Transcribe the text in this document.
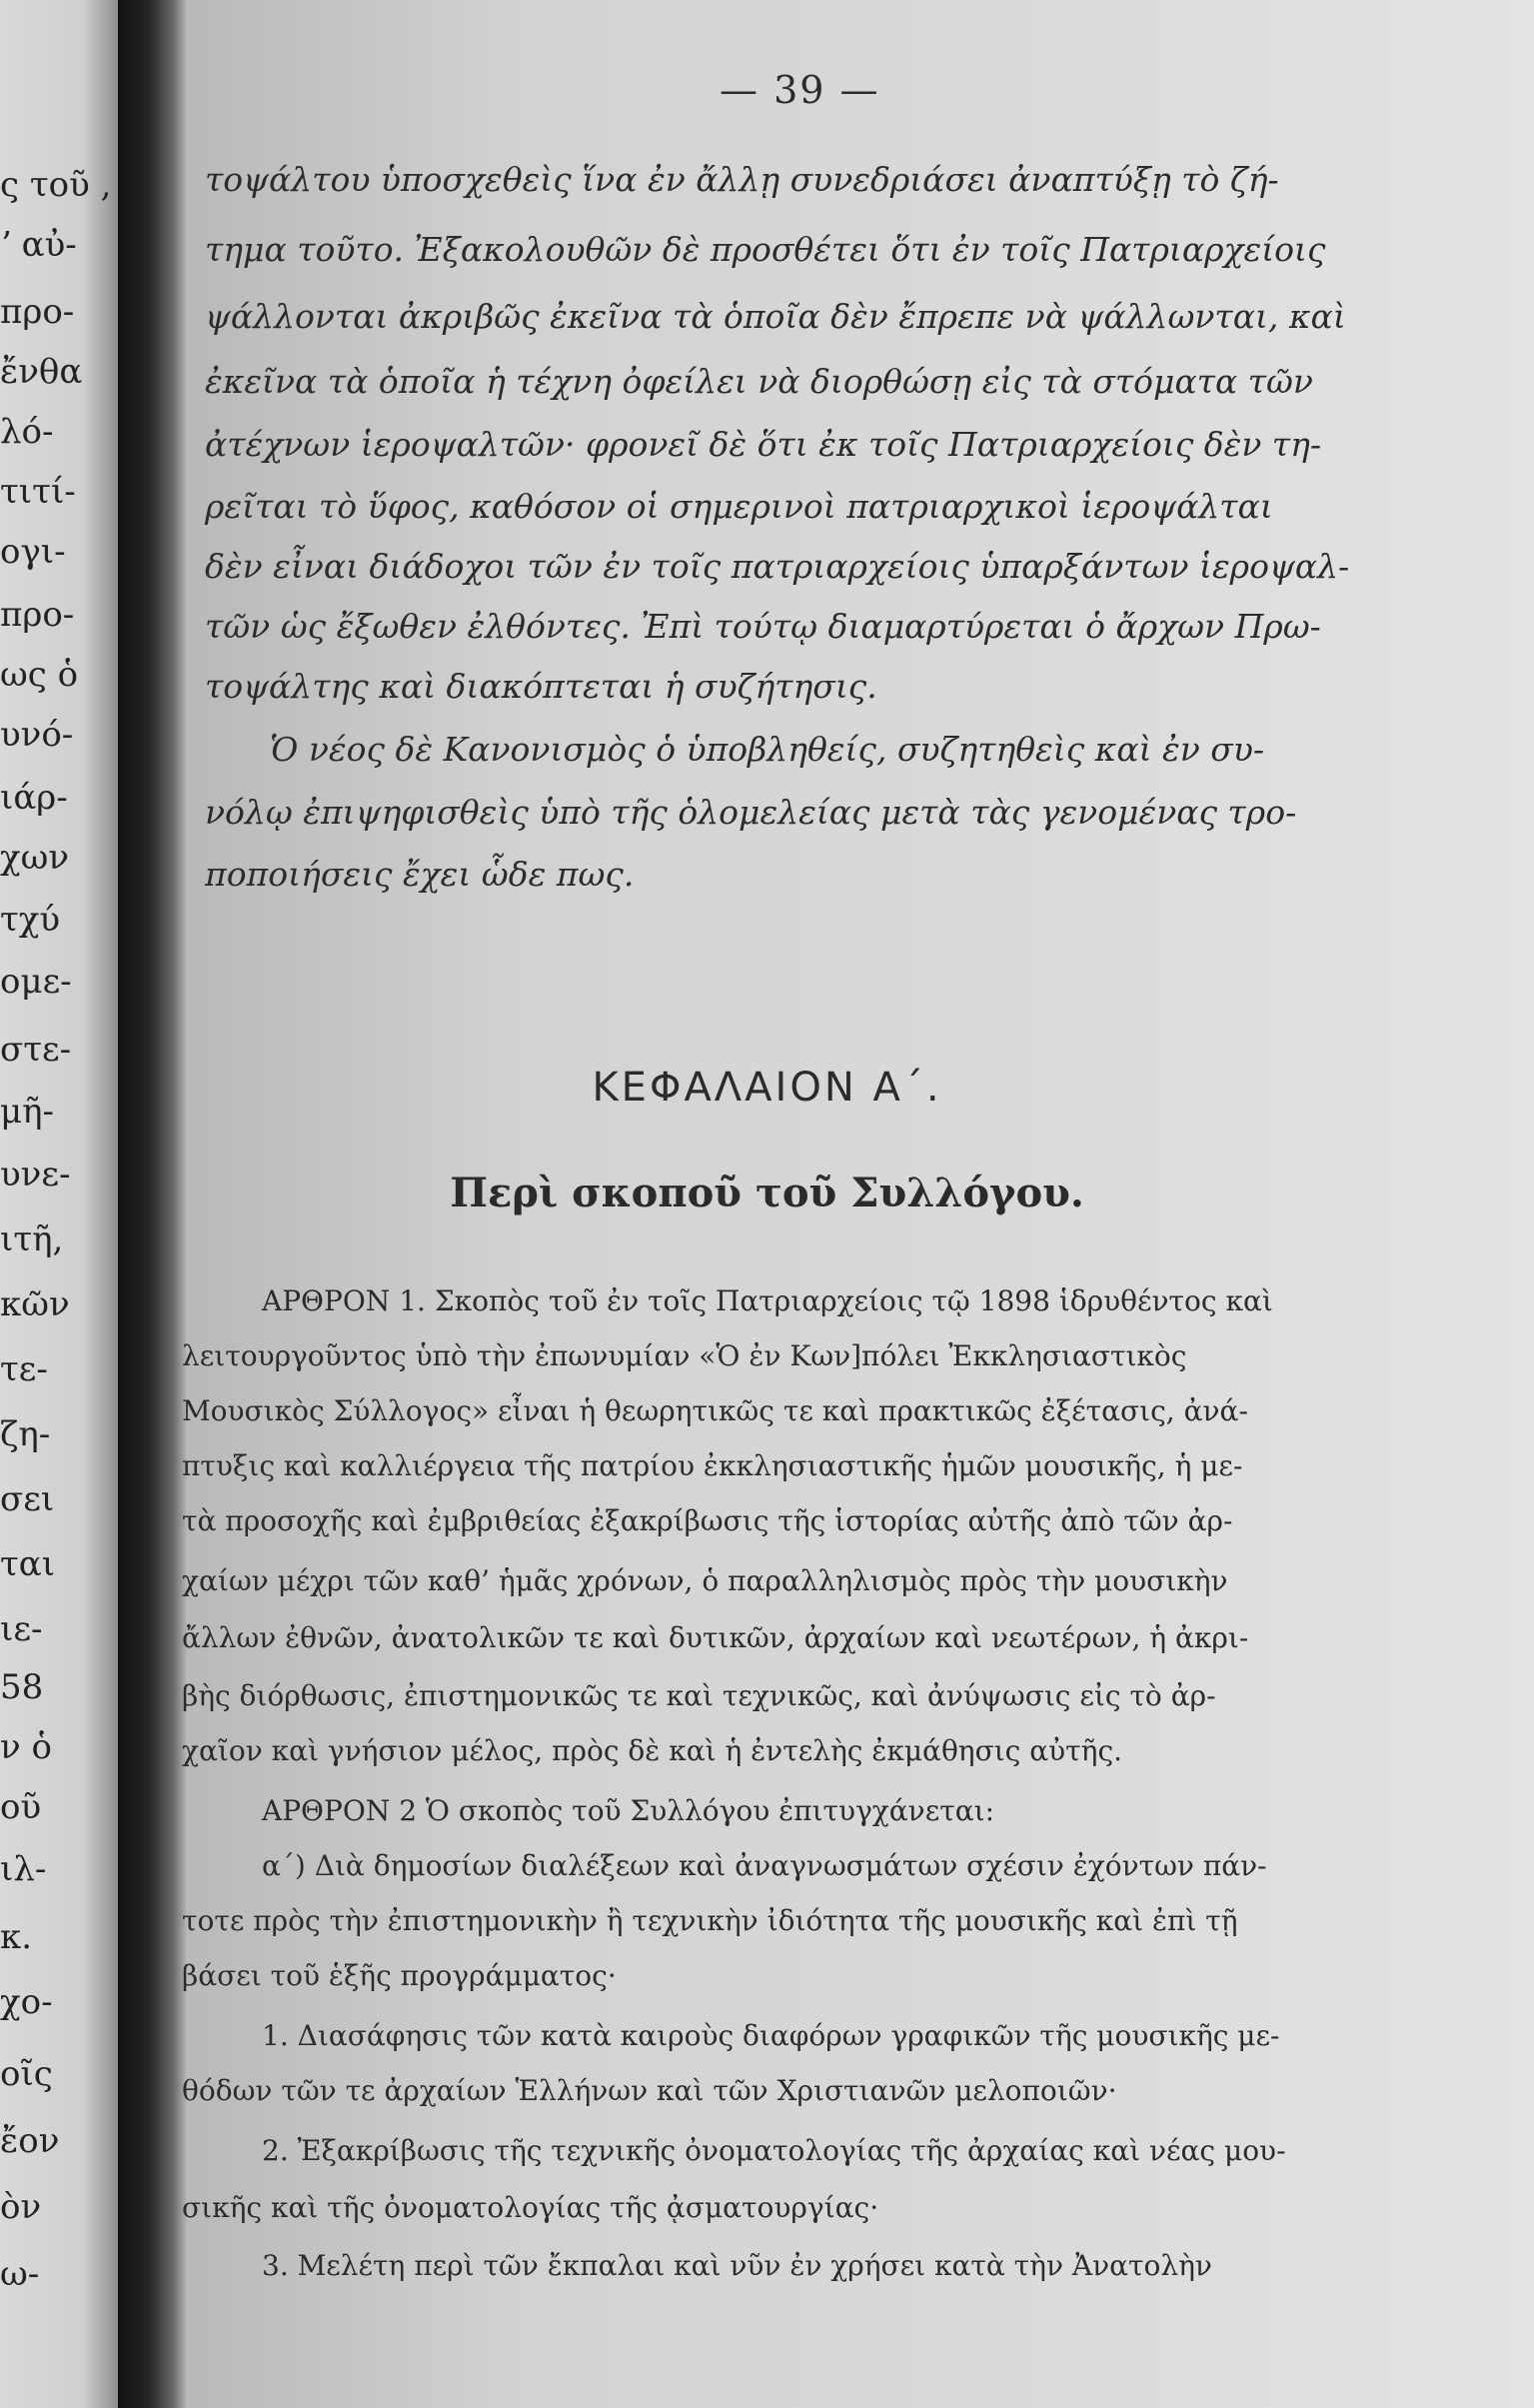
ς τοῦ ,
ʼ αὐ-
προ-
ἔνθα
λό-
τιτί-
ογι-
προ-
ως ὁ
υνό-
ιάρ-
χων
τχύ
ομε-
στε-
μῆ-
υνε-
ιτῆ,
κῶν
τε-
ζη-
σει
ται
ιε-
58
ν ὁ
οῦ
ιλ-
κ.
χο-
οῖς
ἔον
ὸν
ω-
— 39 —
τοψάλτου ὑποσχεθεὶς ἵνα ἐν ἄλλῃ συνεδριάσει ἀναπτύξῃ τὸ ζή-
τημα τοῦτο. Ἐξακολουθῶν δὲ προσθέτει ὅτι ἐν τοῖς Πατριαρχείοις
ψάλλονται ἀκριβῶς ἐκεῖνα τὰ ὁποῖα δὲν ἔπρεπε νὰ ψάλλωνται, καὶ
ἐκεῖνα τὰ ὁποῖα ἡ τέχνη ὀφείλει νὰ διορθώσῃ εἰς τὰ στόματα τῶν
ἀτέχνων ἱεροψαλτῶν· φρονεῖ δὲ ὅτι ἐκ τοῖς Πατριαρχείοις δὲν τη-
ρεῖται τὸ ὕφος, καθόσον οἱ σημερινοὶ πατριαρχικοὶ ἱεροψάλται
δὲν εἶναι διάδοχοι τῶν ἐν τοῖς πατριαρχείοις ὑπαρξάντων ἱεροψαλ-
τῶν ὡς ἔξωθεν ἐλθόντες. Ἐπὶ τούτῳ διαμαρτύρεται ὁ ἄρχων Πρω-
τοψάλτης καὶ διακόπτεται ἡ συζήτησις.
Ὁ νέος δὲ Κανονισμὸς ὁ ὑποβληθείς, συζητηθεὶς καὶ ἐν συ-
νόλῳ ἐπιψηφισθεὶς ὑπὸ τῆς ὁλομελείας μετὰ τὰς γενομένας τρο-
ποποιήσεις ἔχει ὧδε πως.
ΚΕΦΑΛΑΙΟΝ Α΄.
Περὶ σκοποῦ τοῦ Συλλόγου.
ΑΡΘΡΟΝ 1. Σκοπὸς τοῦ ἐν τοῖς Πατριαρχείοις τῷ 1898 ἱδρυθέντος καὶ
λειτουργοῦντος ὑπὸ τὴν ἐπωνυμίαν «Ὁ ἐν Κων]πόλει Ἐκκλησιαστικὸς
Μουσικὸς Σύλλογος» εἶναι ἡ θεωρητικῶς τε καὶ πρακτικῶς ἐξέτασις, ἀνά-
πτυξις καὶ καλλιέργεια τῆς πατρίου ἐκκλησιαστικῆς ἡμῶν μουσικῆς, ἡ με-
τὰ προσοχῆς καὶ ἐμβριθείας ἐξακρίβωσις τῆς ἱστορίας αὐτῆς ἀπὸ τῶν ἀρ-
χαίων μέχρι τῶν καθ’ ἡμᾶς χρόνων, ὁ παραλληλισμὸς πρὸς τὴν μουσικὴν
ἄλλων ἐθνῶν, ἀνατολικῶν τε καὶ δυτικῶν, ἀρχαίων καὶ νεωτέρων, ἡ ἀκρι-
βὴς διόρθωσις, ἐπιστημονικῶς τε καὶ τεχνικῶς, καὶ ἀνύψωσις εἰς τὸ ἀρ-
χαῖον καὶ γνήσιον μέλος, πρὸς δὲ καὶ ἡ ἐντελὴς ἐκμάθησις αὐτῆς.
ΑΡΘΡΟΝ 2 Ὁ σκοπὸς τοῦ Συλλόγου ἐπιτυγχάνεται:
α΄) Διὰ δημοσίων διαλέξεων καὶ ἀναγνωσμάτων σχέσιν ἐχόντων πάν-
τοτε πρὸς τὴν ἐπιστημονικὴν ἢ τεχνικὴν ἰδιότητα τῆς μουσικῆς καὶ ἐπὶ τῇ
βάσει τοῦ ἑξῆς προγράμματος·
1. Διασάφησις τῶν κατὰ καιροὺς διαφόρων γραφικῶν τῆς μουσικῆς με-
θόδων τῶν τε ἀρχαίων Ἑλλήνων καὶ τῶν Χριστιανῶν μελοποιῶν·
2. Ἐξακρίβωσις τῆς τεχνικῆς ὀνοματολογίας τῆς ἀρχαίας καὶ νέας μου-
σικῆς καὶ τῆς ὀνοματολογίας τῆς ᾀσματουργίας·
3. Μελέτη περὶ τῶν ἔκπαλαι καὶ νῦν ἐν χρήσει κατὰ τὴν Ἀνατολὴν
